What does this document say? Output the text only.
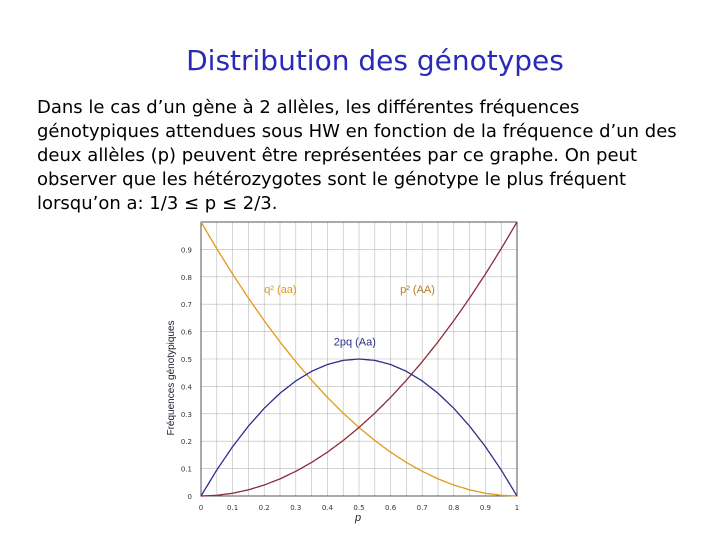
Distribution des génotypes
Dans le cas d’un gène à 2 allèles, les différentes fréquences
génotypiques attendues sous HW en fonction de la fréquence d’un des
deux allèles (p) peuvent être représentées par ce graphe. On peut
observer que les hétérozygotes sont le génotype le plus fréquent
lorsqu’on a: 1/3 ≤ p ≤ 2/3.
0
0.1
0.2
0.3
0.4
0.5
0.6
0.7
0.8
0.9
0	0.1	0.2	0.3	0.4	0.5	0.6	0.7	0.8	0.9	1
q² (aa)	p² (AA)
2pq (Aa)
Fréquences génotypiques
p
